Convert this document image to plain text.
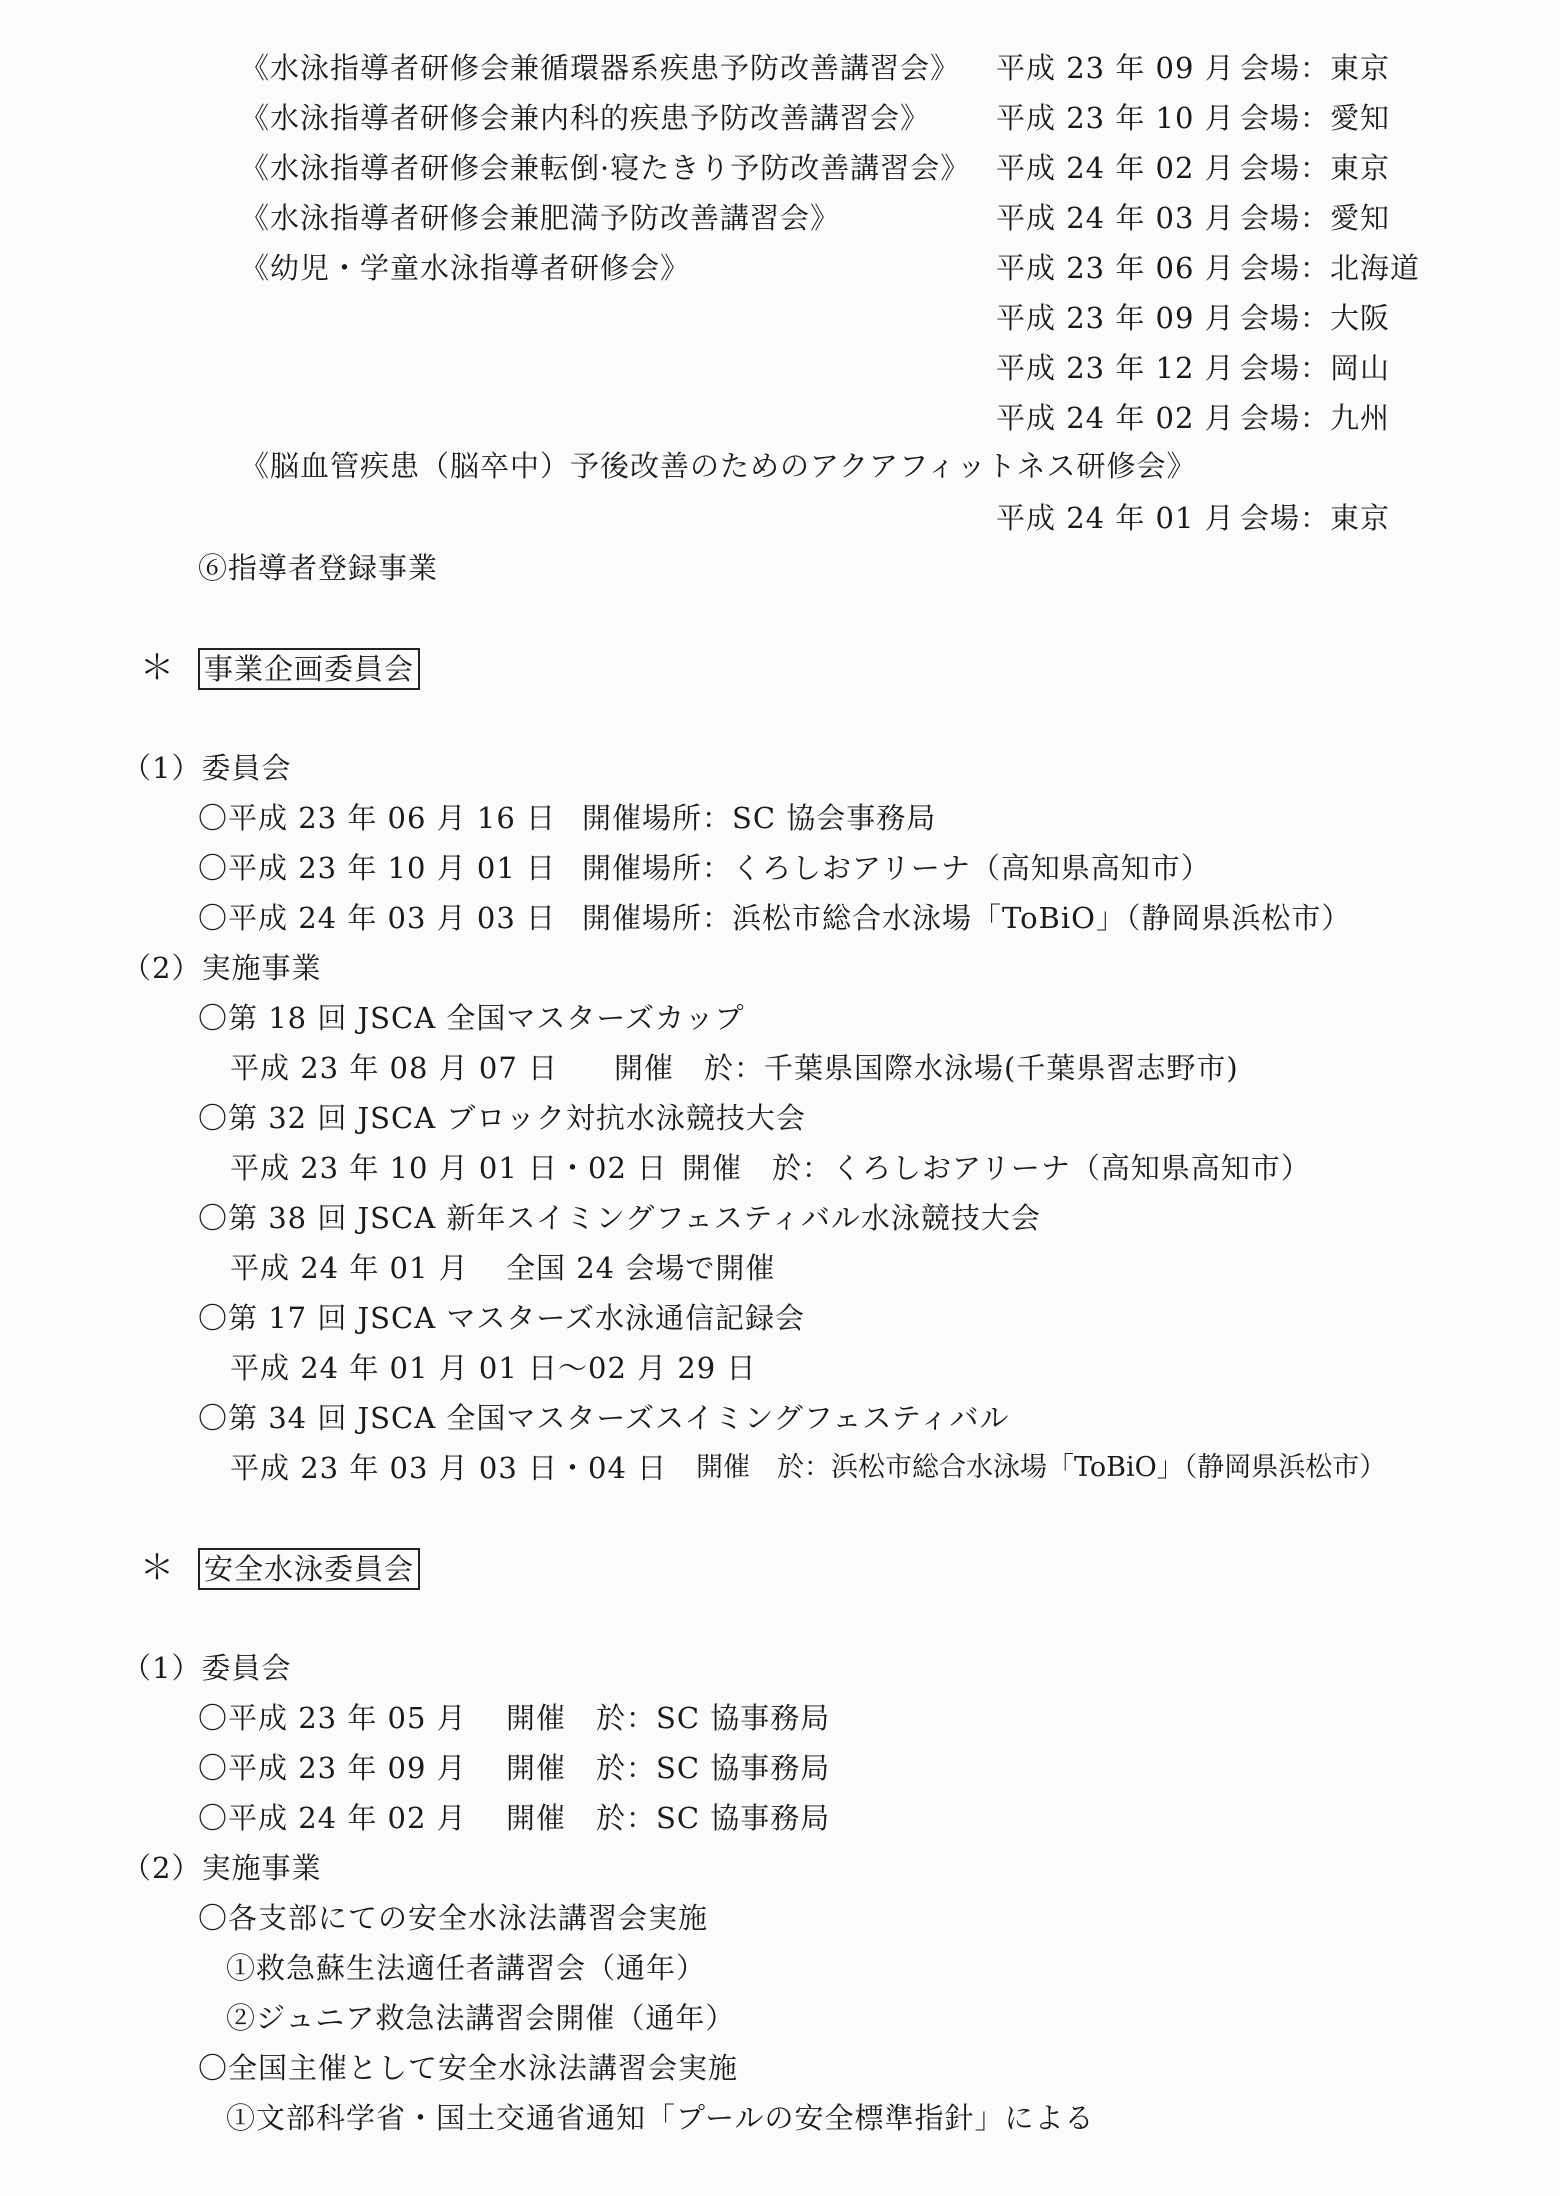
《水泳指導者研修会兼循環器系疾患予防改善講習会》 平成 23 年 09 月 会場：東京
《水泳指導者研修会兼内科的疾患予防改善講習会》 平成 23 年 10 月 会場：愛知
《水泳指導者研修会兼転倒·寝たきり予防改善講習会》 平成 24 年 02 月 会場：東京
《水泳指導者研修会兼肥満予防改善講習会》	平成 24 年 03 月 会場：愛知
《幼児・学童水泳指導者研修会》	平成 23 年 06 月 会場：北海道
平成 23 年 09 月 会場：大阪
平成 23 年 12 月 会場：岡山
平成 24 年 02 月 会場：九州
《脳血管疾患（脳卒中）予後改善のためのアクアフィットネス研修会》
平成 24 年 01 月 会場：東京
⑥指導者登録事業
＊ 事業企画委員会
（1）委員会
〇平成 23 年 06 月 16 日 開催場所：SC 協会事務局
〇平成 23 年 10 月 01 日 開催場所：くろしおアリーナ（高知県高知市）
〇平成 24 年 03 月 03 日 開催場所：浜松市総合水泳場「ToBiO」（静岡県浜松市）
（2）実施事業
〇第 18 回 JSCA 全国マスターズカップ
平成 23 年 08 月 07 日 開催　於：千葉県国際水泳場(千葉県習志野市)
〇第 32 回 JSCA ブロック対抗水泳競技大会
平成 23 年 10 月 01 日・02 日 開催　於：くろしおアリーナ（高知県高知市）
〇第 38 回 JSCA 新年スイミングフェスティバル水泳競技大会
平成 24 年 01 月 全国 24 会場で開催
〇第 17 回 JSCA マスターズ水泳通信記録会
平成 24 年 01 月 01 日～02 月 29 日
〇第 34 回 JSCA 全国マスターズスイミングフェスティバル
平成 23 年 03 月 03 日・04 日 開催　於：浜松市総合水泳場「ToBiO」（静岡県浜松市）
＊ 安全水泳委員会
（1）委員会
〇平成 23 年 05 月 開催　於：SC 協事務局
〇平成 23 年 09 月 開催　於：SC 協事務局
〇平成 24 年 02 月 開催　於：SC 協事務局
（2）実施事業
〇各支部にての安全水泳法講習会実施
①救急蘇生法適任者講習会（通年）
②ジュニア救急法講習会開催（通年）
〇全国主催として安全水泳法講習会実施
①文部科学省・国土交通省通知「プールの安全標準指針」による
